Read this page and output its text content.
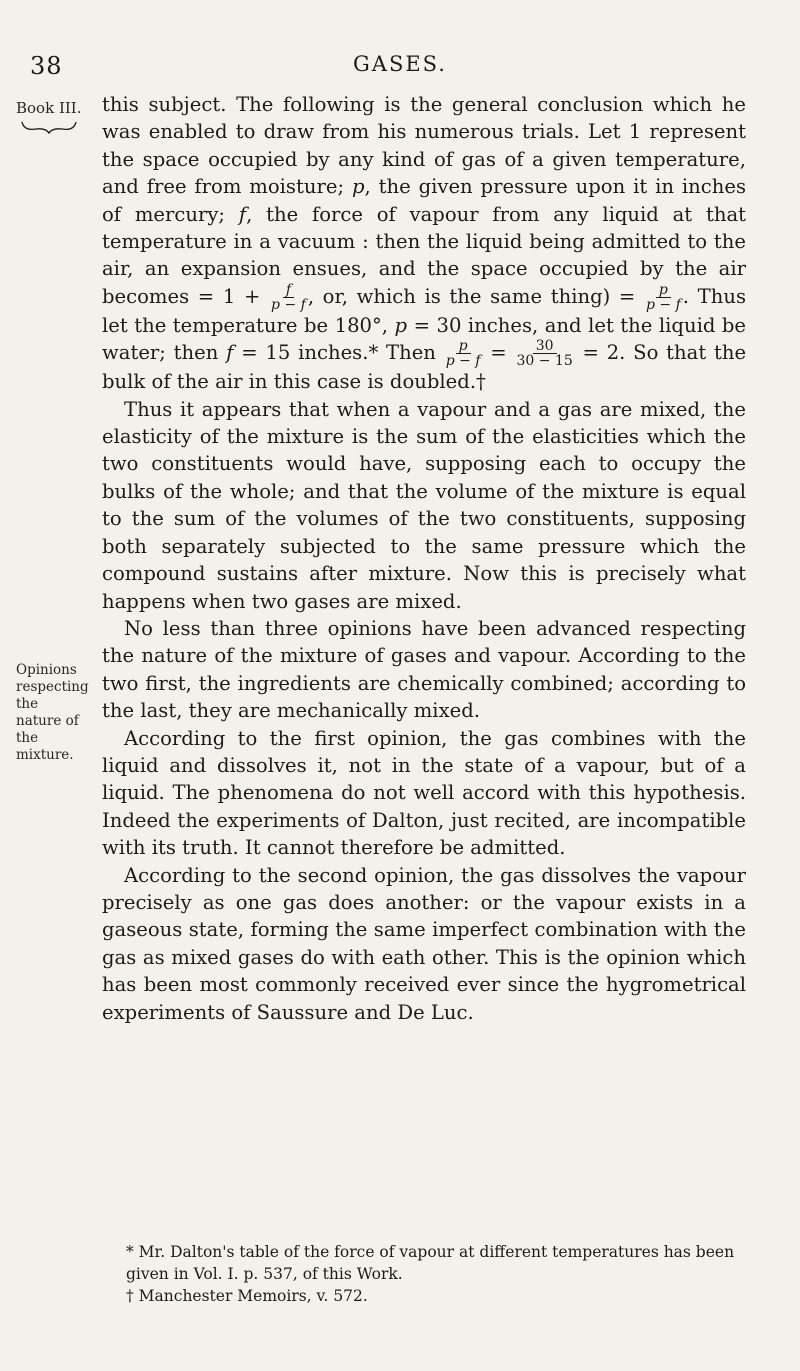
38	GASES.
Book III.
Opinions respecting the nature of the mixture.

this subject. The following is the general conclusion which he was enabled to draw from his numerous trials. Let 1 represent the space occupied by any kind of gas of a given temperature, and free from moisture; p, the given pressure upon it in inches of mercury; f, the force of vapour from any liquid at that temperature in a vacuum : then the liquid being admitted to the air, an expansion ensues, and the space occupied by the air becomes = $1 + \frac{f}{p - f}$ , or, which is the same thing) = $\frac{p}{p - f}$ . Thus let the temperature be 180°, p = 30 inches, and let the liquid be water; then f = 15 inches.* Then $\frac{p}{p - f} = \frac{30}{30 - 15} = 2$. So that the bulk of the air in this case is doubled.†

Thus it appears that when a vapour and a gas are mixed, the elasticity of the mixture is the sum of the elasticities which the two constituents would have, supposing each to occupy the bulks of the whole; and that the volume of the mixture is equal to the sum of the volumes of the two constituents, supposing both separately subjected to the same pressure which the compound sustains after mixture. Now this is precisely what happens when two gases are mixed.

No less than three opinions have been advanced respecting the nature of the mixture of gases and vapour. According to the two first, the ingredients are chemically combined; according to the last, they are mechanically mixed.

According to the first opinion, the gas combines with the liquid and dissolves it, not in the state of a vapour, but of a liquid. The phenomena do not well accord with this hypothesis. Indeed the experiments of Dalton, just recited, are incompatible with its truth. It cannot therefore be admitted.

According to the second opinion, the gas dissolves the vapour precisely as one gas does another: or the vapour exists in a gaseous state, forming the same imperfect combination with the gas as mixed gases do with eath other. This is the opinion which has been most commonly received ever since the hygrometrical experiments of Saussure and De Luc.

* Mr. Dalton's table of the force of vapour at different temperatures has been given in Vol. I. p. 537, of this Work.

† Manchester Memoirs, v. 572.
